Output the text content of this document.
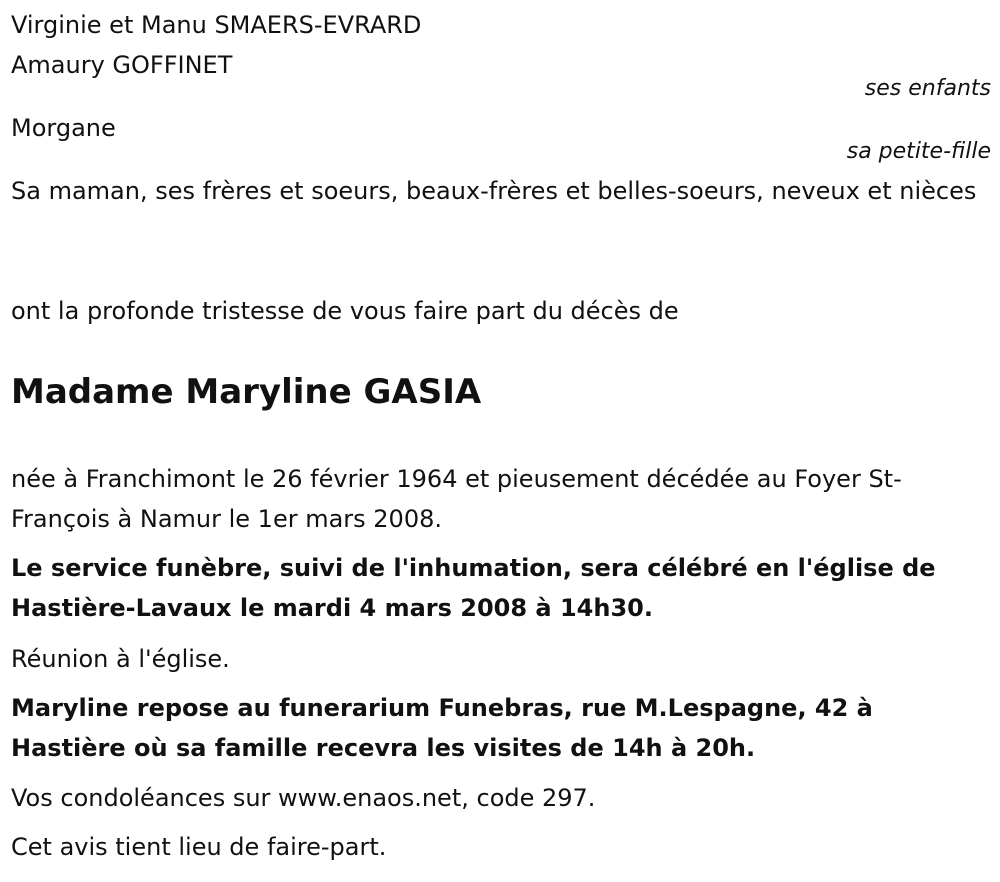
Virginie et Manu SMAERS-EVRARD

Amaury GOFFINET

ses enfants

Morgane

sa petite-fille

Sa maman, ses frères et soeurs, beaux-frères et belles-soeurs, neveux et nièces

ont la profonde tristesse de vous faire part du décès de

Madame Maryline GASIA

née à Franchimont le 26 février 1964 et pieusement décédée au Foyer St-François à Namur le 1er mars 2008.

Le service funèbre, suivi de l'inhumation, sera célébré en l'église de Hastière-Lavaux le mardi 4 mars 2008 à 14h30.

Réunion à l'église.

Maryline repose au funerarium Funebras, rue M.Lespagne, 42 à Hastière où sa famille recevra les visites de 14h à 20h.

Vos condoléances sur www.enaos.net, code 297.

Cet avis tient lieu de faire-part.
